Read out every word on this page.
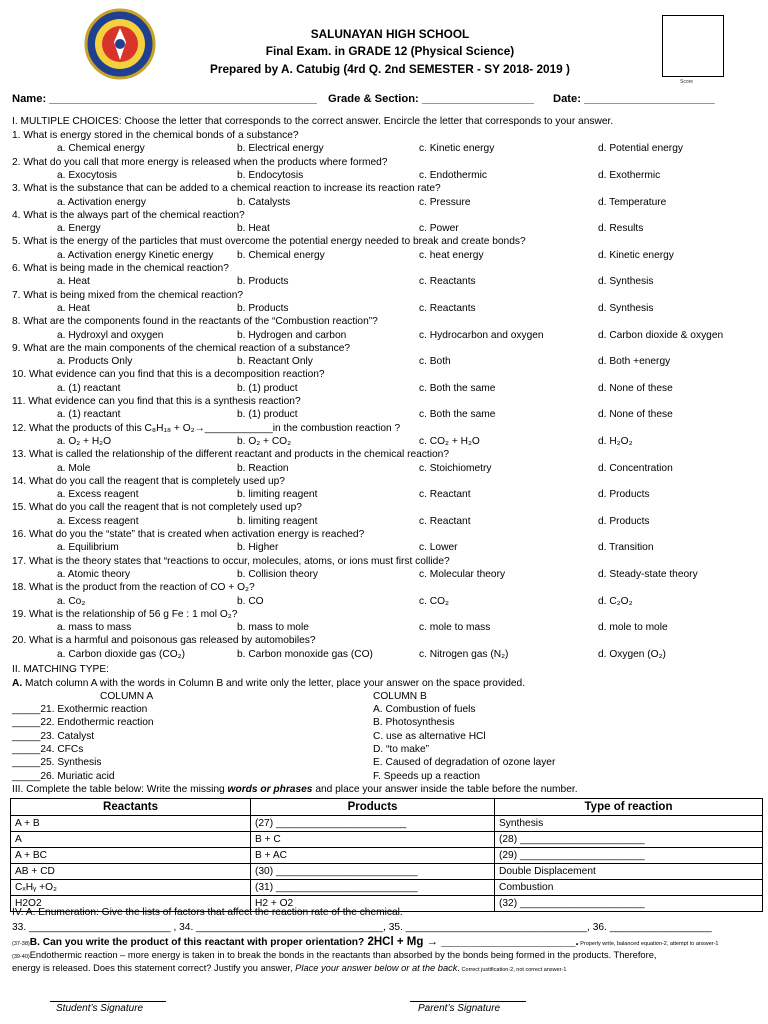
SALUNAYAN HIGH SCHOOL
Final Exam. in GRADE 12 (Physical Science)
Prepared by A. Catubig (4rd Q. 2nd SEMESTER - SY 2018- 2019 )
Score
Name: ___________________________________________ Grade & Section: __________________ Date: _____________________
I. MULTIPLE CHOICES: Choose the letter that corresponds to the correct answer. Encircle the letter that corresponds to your answer.
1. What is energy stored in the chemical bonds of a substance?
a. Chemical energy	b. Electrical energy	c. Kinetic energy	d. Potential energy
2. What do you call that more energy is released when the products where formed?
a. Exocytosis	b. Endocytosis	c. Endothermic	d. Exothermic
3. What is the substance that can be added to a chemical reaction to increase its reaction rate?
a. Activation energy	b. Catalysts	c. Pressure	d. Temperature
4. What is the always part of the chemical reaction?
a. Energy	b. Heat	c. Power	d. Results
5. What is the energy of the particles that must overcome the potential energy needed to break and create bonds?
a. Activation energy Kinetic energy b. Chemical energy	c. heat energy	d. Kinetic energy
6. What is being made in the chemical reaction?
a. Heat	b. Products	c. Reactants	d. Synthesis
7. What is being mixed from the chemical reaction?
a. Heat	b. Products	c. Reactants	d. Synthesis
8. What are the components found in the reactants of the “Combustion reaction”?
a. Hydroxyl and oxygen	b. Hydrogen and carbon	c. Hydrocarbon and oxygen	d. Carbon dioxide & oxygen
9. What are the main components of the chemical reaction of a substance?
a. Products Only	b. Reactant Only	c. Both	d. Both +energy
10. What evidence can you find that this is a decomposition reaction?
a. (1) reactant	b. (1) product	c. Both the same	d. None of these
11. What evidence can you find that this is a synthesis reaction?
a. (1) reactant	b. (1) product	c. Both the same	d. None of these
12. What the products of this C₈H₁₈ + O₂→____________in the combustion reaction ?
a. O₂ + H₂O	b. O₂ + CO₂	c. CO₂ + H₂O	d. H₂O₂
13. What is called the relationship of the different reactant and products in the chemical reaction?
a. Mole	b. Reaction	c. Stoichiometry	d. Concentration
14. What do you call the reagent that is completely used up?
a. Excess reagent	b. limiting reagent	c. Reactant	d. Products
15. What do you call the reagent that is not completely used up?
a. Excess reagent	b. limiting reagent	c. Reactant	d. Products
16. What do you the “state” that is created when activation energy is reached?
a. Equilibrium	b. Higher	c. Lower	d. Transition
17. What is the theory states that “reactions to occur, molecules, atoms, or ions must first collide?
a. Atomic theory	b. Collision theory	c. Molecular theory	d. Steady-state theory
18. What is the product from the reaction of CO + O₂?
a. Co₂	b. CO	c. CO₂	d. C₂O₂
19. What is the relationship of 56 g Fe : 1 mol O₂?
a. mass to mass	b. mass to mole	c. mole to mass	d. mole to mole
20. What is a harmful and poisonous gas released by automobiles?
a. Carbon dioxide gas (CO₂)	b. Carbon monoxide gas (CO)	c. Nitrogen gas (N₂)	d. Oxygen (O₂)
II. MATCHING TYPE:
A. Match column A with the words in Column B and write only the letter, place your answer on the space provided.
COLUMN A	COLUMN B
_____21. Exothermic reaction	A. Combustion of fuels
_____22. Endothermic reaction	B. Photosynthesis
_____23. Catalyst	C. use as alternative HCl
_____24. CFCs	D. “to make”
_____25. Synthesis	E. Caused of degradation of ozone layer
_____26. Muriatic acid	F. Speeds up a reaction
III. Complete the table below: Write the missing words or phrases and place your answer inside the table before the number.
Reactants	Products	Type of reaction
A + B	(27) _______________________	Synthesis
A	B + C	(28) ______________________
A + BC	B + AC	(29) ______________________
AB + CD	(30) _________________________	Double Displacement
CₓHᵧ +O₂	(31) _________________________	Combustion
H2O2	H2 + O2	(32) ______________________
IV. A. Enumeration: Give the lists of factors that affect the reaction rate of the chemical.
33. _________________________ , 34. _________________________________, 35. ________________________________, 36. __________________
(37-38)B. Can you write the product of this reactant with proper orientation? 2HCl + Mg → _____________________. Properly write, balanced equation-2, attempt to answer-1
(39-40)Endothermic reaction – more energy is taken in to break the bonds in the reactants than absorbed by the bonds being formed in the products. Therefore,
energy is released. Does this statement correct? Justify you answer, Place your answer below or at the back. Correct justification-2, not correct answer-1
Student’s Signature	Parent’s Signature
